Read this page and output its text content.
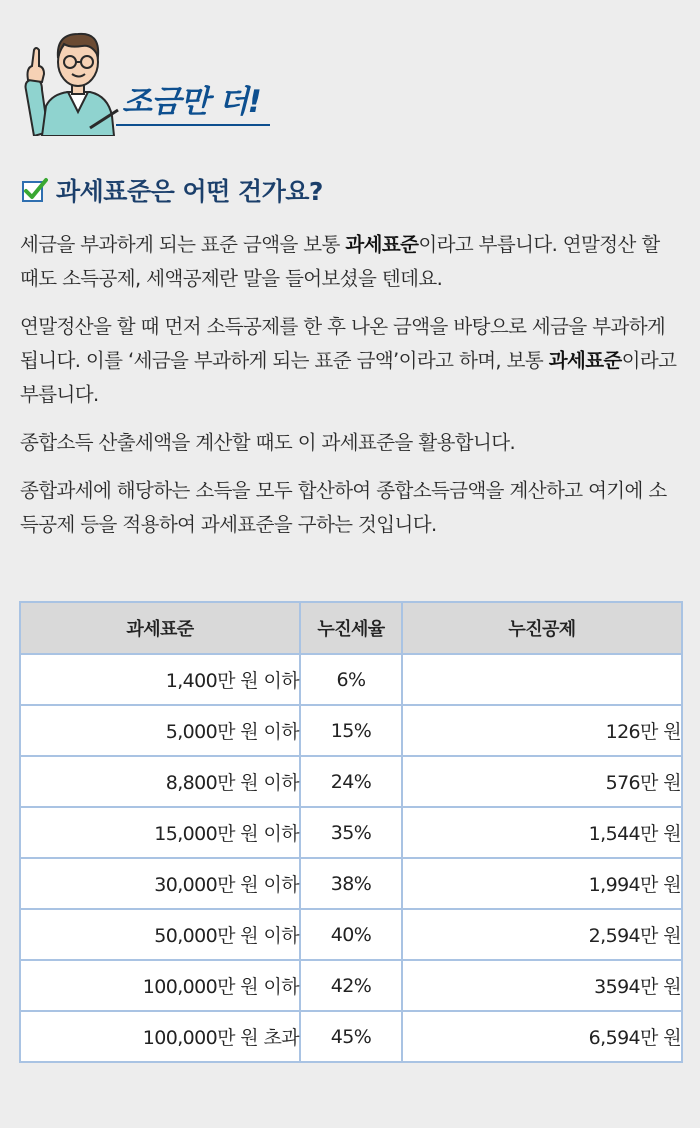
조금만 더!
과세표준은 어떤 건가요?

세금을 부과하게 되는 표준 금액을 보통 과세표준이라고 부릅니다. 연말정산 할 때도 소득공제, 세액공제란 말을 들어보셨을 텐데요.

연말정산을 할 때 먼저 소득공제를 한 후 나온 금액을 바탕으로 세금을 부과하게 됩니다. 이를 ‘세금을 부과하게 되는 표준 금액’이라고 하며, 보통 과세표준이라고 부릅니다.

종합소득 산출세액을 계산할 때도 이 과세표준을 활용합니다.

종합과세에 해당하는 소득을 모두 합산하여 종합소득금액을 계산하고 여기에 소득공제 등을 적용하여 과세표준을 구하는 것입니다.

과세표준	누진세율	누진공제
1,400만 원 이하	6%	
5,000만 원 이하	15%	126만 원
8,800만 원 이하	24%	576만 원
15,000만 원 이하	35%	1,544만 원
30,000만 원 이하	38%	1,994만 원
50,000만 원 이하	40%	2,594만 원
100,000만 원 이하	42%	3594만 원
100,000만 원 초과	45%	6,594만 원
